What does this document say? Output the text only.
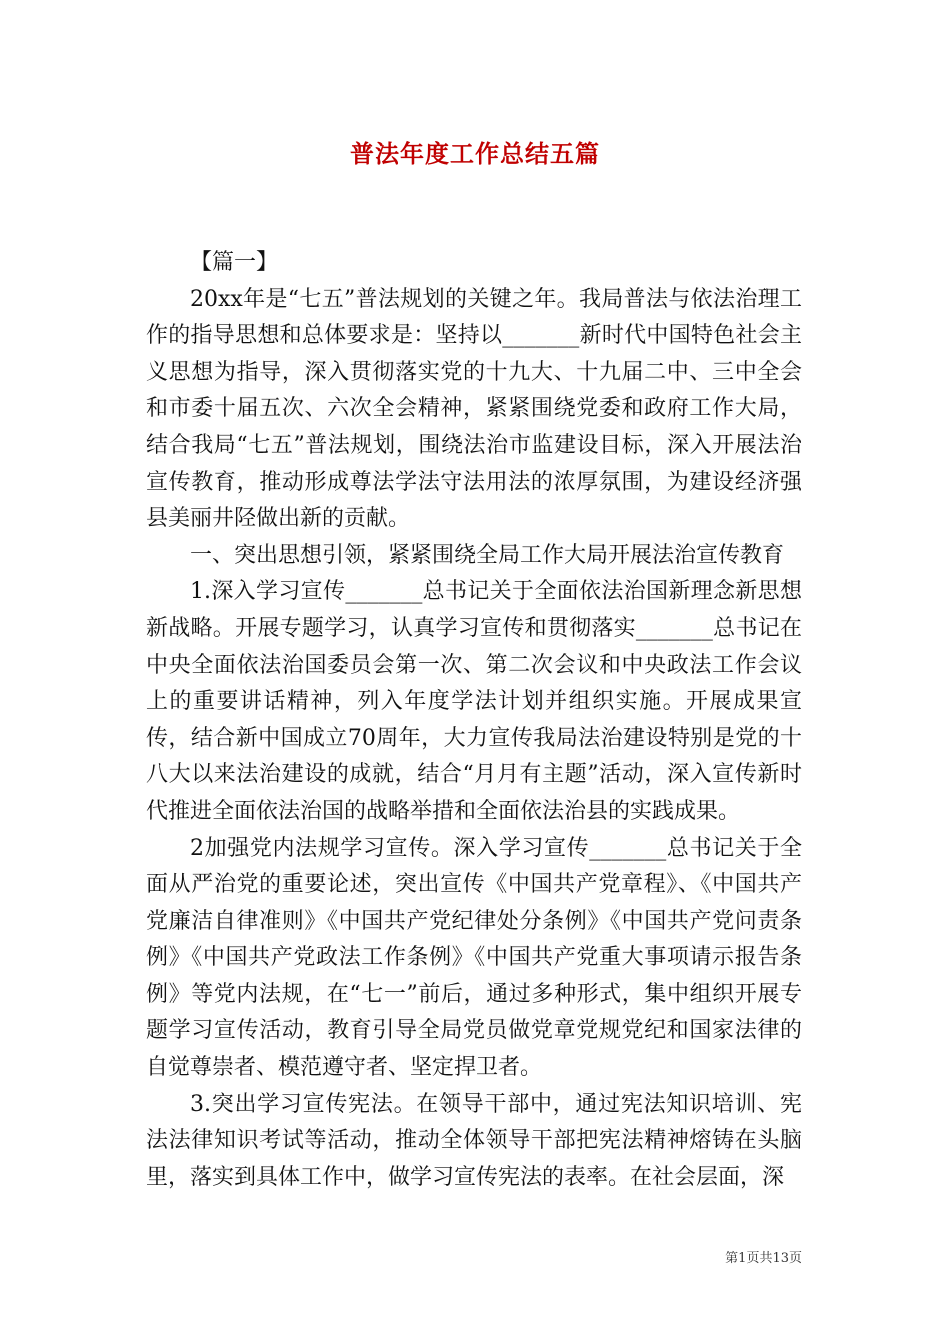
普法年度工作总结五篇

【篇一】

20xx年是“七五”普法规划的关键之年。我局普法与依法治理工作的指导思想和总体要求是：坚持以_______新时代中国特色社会主义思想为指导，深入贯彻落实党的十九大、十九届二中、三中全会和市委十届五次、六次全会精神，紧紧围绕党委和政府工作大局，结合我局“七五”普法规划，围绕法治市监建设目标，深入开展法治宣传教育，推动形成尊法学法守法用法的浓厚氛围，为建设经济强县美丽井陉做出新的贡献。

一、突出思想引领，紧紧围绕全局工作大局开展法治宣传教育

1.深入学习宣传_______总书记关于全面依法治国新理念新思想新战略。开展专题学习，认真学习宣传和贯彻落实_______总书记在中央全面依法治国委员会第一次、第二次会议和中央政法工作会议上的重要讲话精神，列入年度学法计划并组织实施。开展成果宣传，结合新中国成立70周年，大力宣传我局法治建设特别是党的十八大以来法治建设的成就，结合“月月有主题”活动，深入宣传新时代推进全面依法治国的战略举措和全面依法治县的实践成果。

2加强党内法规学习宣传。深入学习宣传_______总书记关于全面从严治党的重要论述，突出宣传《中国共产党章程》、《中国共产党廉洁自律准则》《中国共产党纪律处分条例》《中国共产党问责条例》《中国共产党政法工作条例》《中国共产党重大事项请示报告条例》等党内法规，在“七一”前后，通过多种形式，集中组织开展专题学习宣传活动，教育引导全局党员做党章党规党纪和国家法律的自觉尊崇者、模范遵守者、坚定捍卫者。

3.突出学习宣传宪法。在领导干部中，通过宪法知识培训、宪法法律知识考试等活动，推动全体领导干部把宪法精神熔铸在头脑里，落实到具体工作中，做学习宣传宪法的表率。在社会层面，深

第1页共13页
